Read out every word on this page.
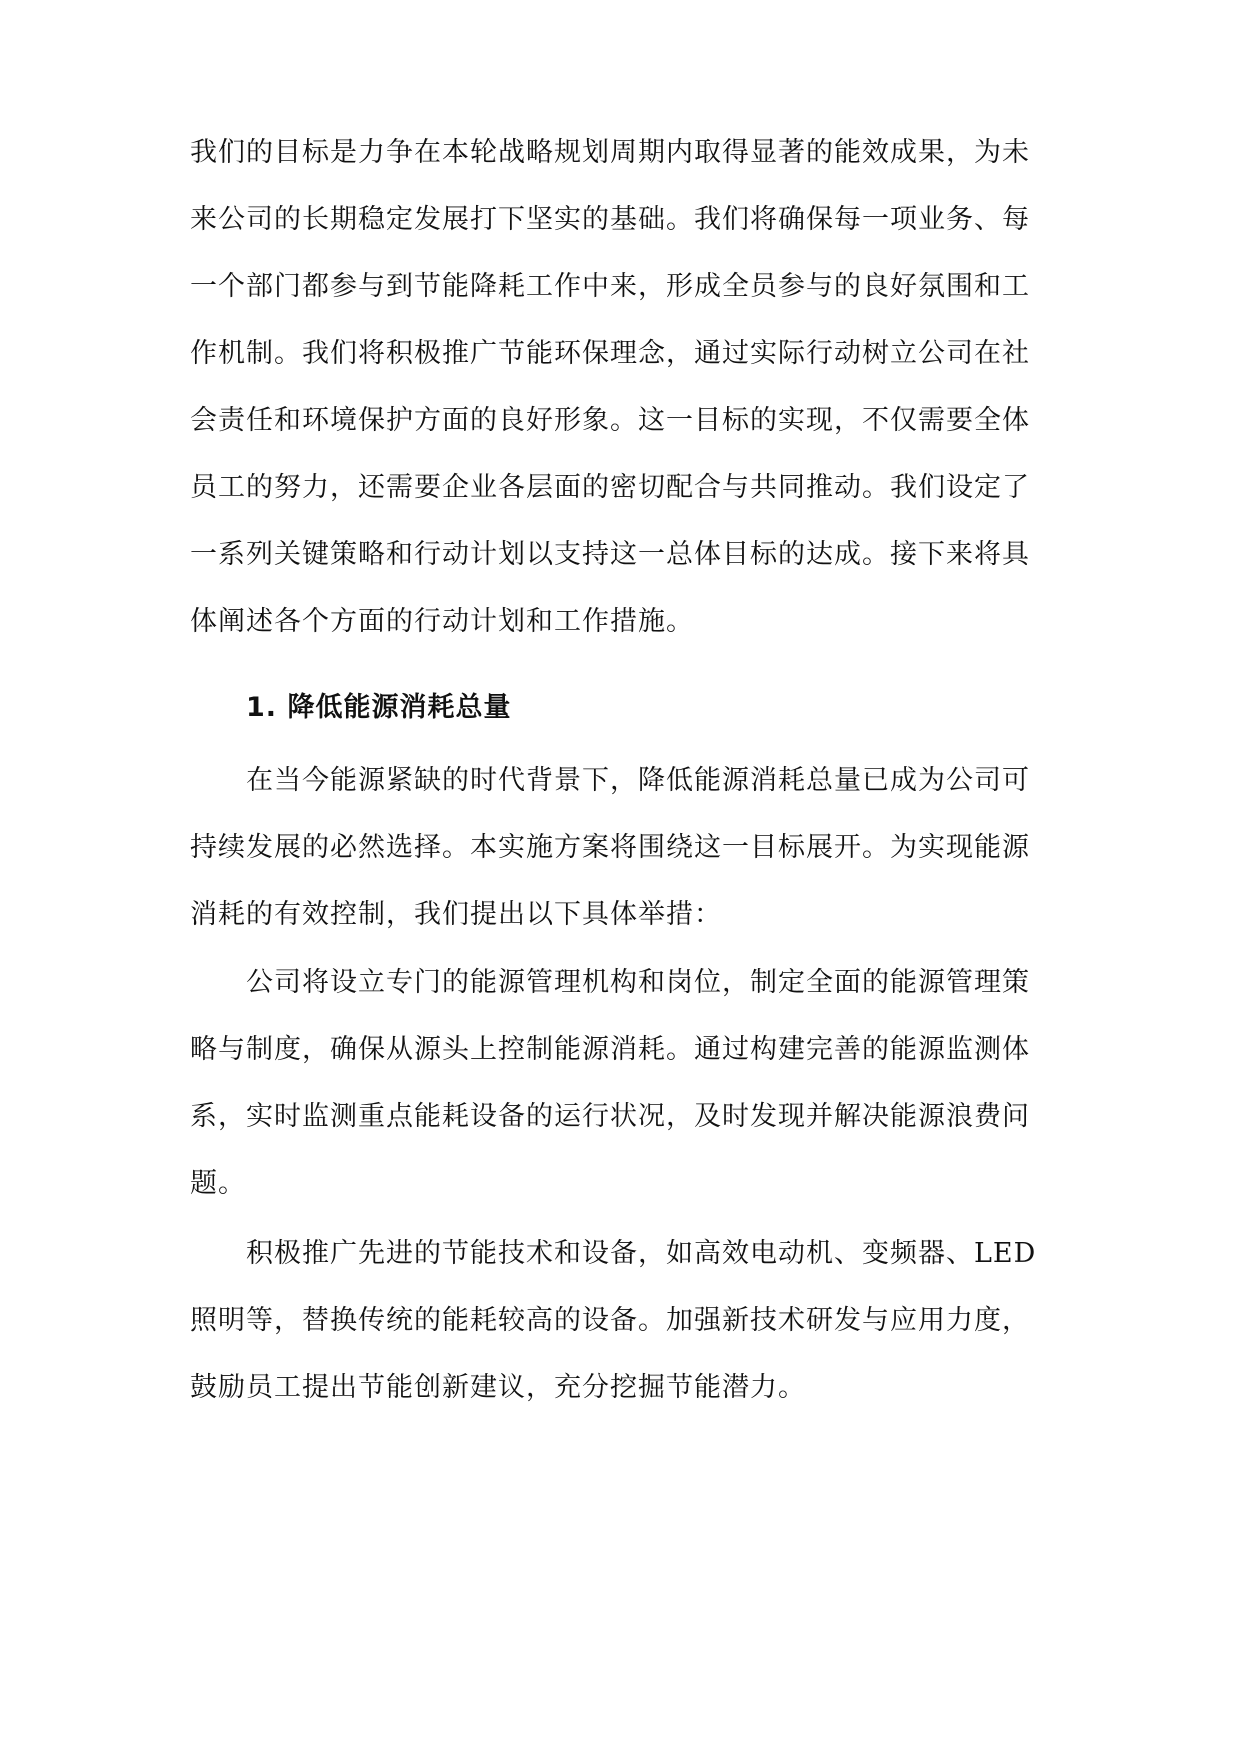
我们的目标是力争在本轮战略规划周期内取得显著的能效成果，为未
来公司的长期稳定发展打下坚实的基础。我们将确保每一项业务、每
一个部门都参与到节能降耗工作中来，形成全员参与的良好氛围和工
作机制。我们将积极推广节能环保理念，通过实际行动树立公司在社
会责任和环境保护方面的良好形象。这一目标的实现，不仅需要全体
员工的努力，还需要企业各层面的密切配合与共同推动。我们设定了
一系列关键策略和行动计划以支持这一总体目标的达成。接下来将具
体阐述各个方面的行动计划和工作措施。
1. 降低能源消耗总量
在当今能源紧缺的时代背景下，降低能源消耗总量已成为公司可
持续发展的必然选择。本实施方案将围绕这一目标展开。为实现能源
消耗的有效控制，我们提出以下具体举措：
公司将设立专门的能源管理机构和岗位，制定全面的能源管理策
略与制度，确保从源头上控制能源消耗。通过构建完善的能源监测体
系，实时监测重点能耗设备的运行状况，及时发现并解决能源浪费问
题。
积极推广先进的节能技术和设备，如高效电动机、变频器、LED
照明等，替换传统的能耗较高的设备。加强新技术研发与应用力度，
鼓励员工提出节能创新建议，充分挖掘节能潜力。
